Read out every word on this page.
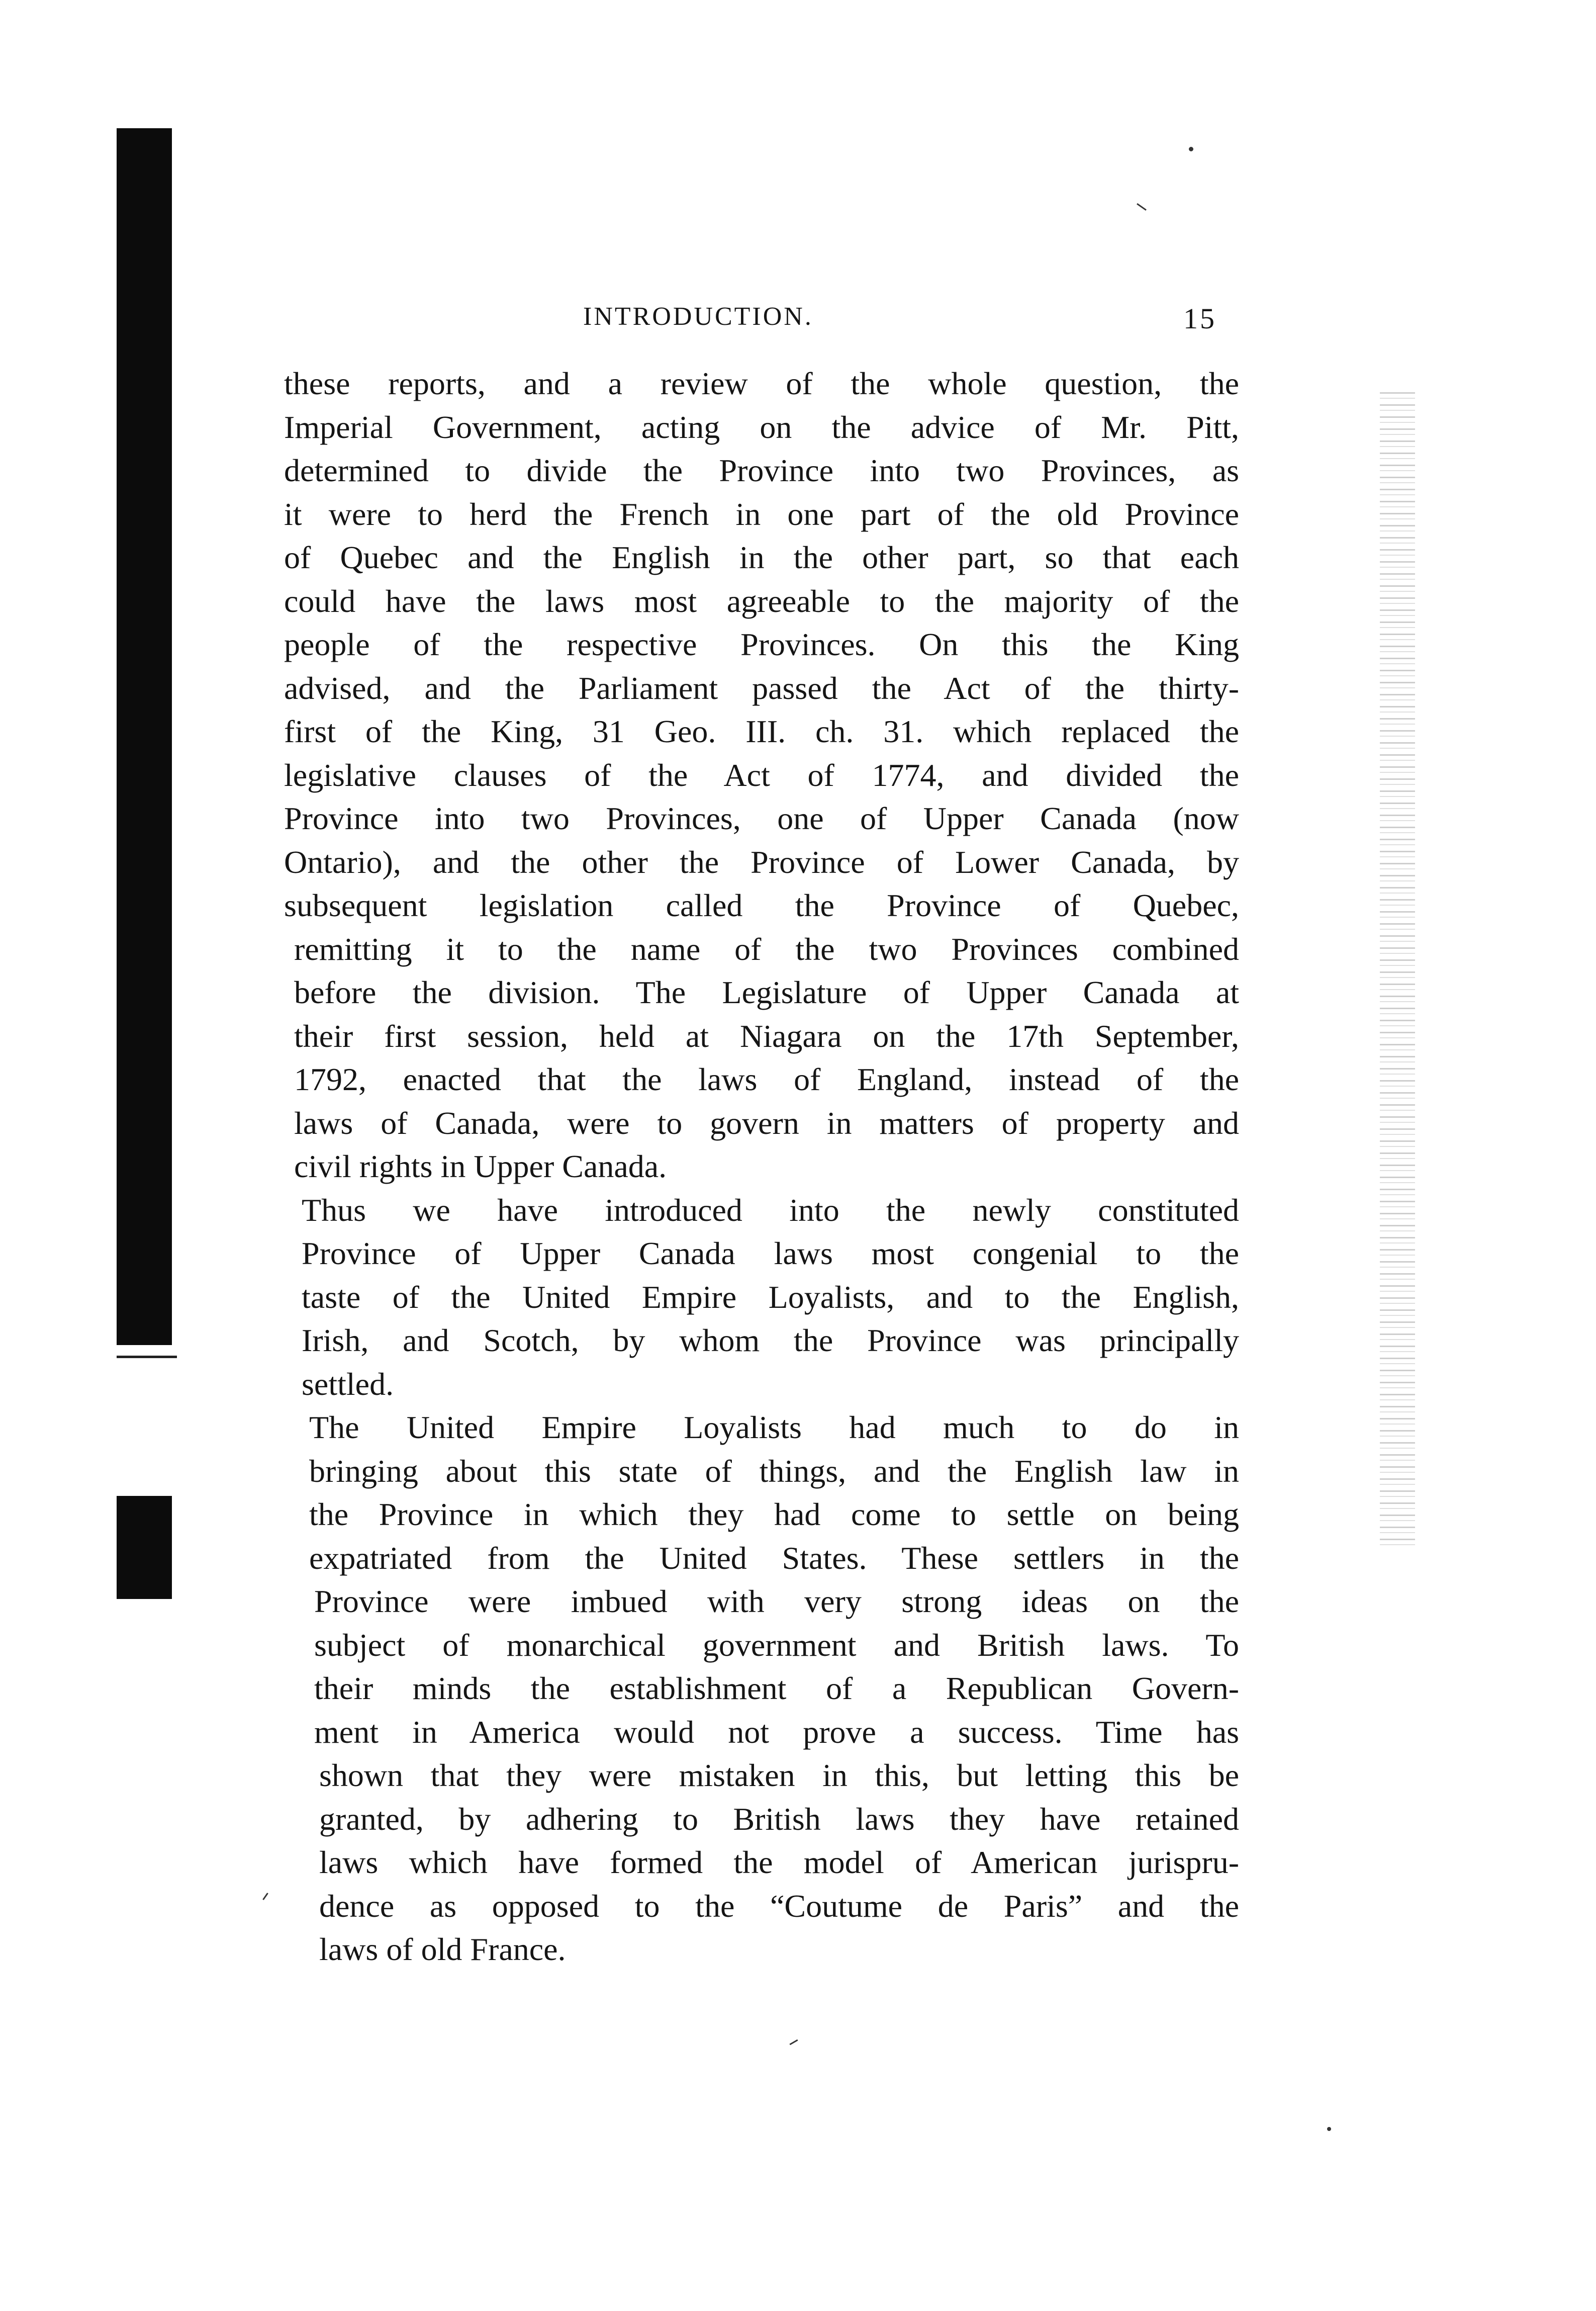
INTRODUCTION.	15
these reports, and a review of the whole question, the
Imperial Government, acting on the advice of Mr. Pitt,
determined to divide the Province into two Provinces, as
it were to herd the French in one part of the old Province
of Quebec and the English in the other part, so that each
could have the laws most agreeable to the majority of the
people of the respective Provinces. On this the King
advised, and the Parliament passed the Act of the thirty-
first of the King, 31 Geo. III. ch. 31. which replaced the
legislative clauses of the Act of 1774, and divided the
Province into two Provinces, one of Upper Canada (now
Ontario), and the other the Province of Lower Canada, by
subsequent legislation called the Province of Quebec,
remitting it to the name of the two Provinces combined
before the division. The Legislature of Upper Canada at
their first session, held at Niagara on the 17th September,
1792, enacted that the laws of England, instead of the
laws of Canada, were to govern in matters of property and
civil rights in Upper Canada.
Thus we have introduced into the newly constituted
Province of Upper Canada laws most congenial to the
taste of the United Empire Loyalists, and to the English,
Irish, and Scotch, by whom the Province was principally
settled.
The United Empire Loyalists had much to do in
bringing about this state of things, and the English law in
the Province in which they had come to settle on being
expatriated from the United States. These settlers in the
Province were imbued with very strong ideas on the
subject of monarchical government and British laws. To
their minds the establishment of a Republican Govern-
ment in America would not prove a success. Time has
shown that they were mistaken in this, but letting this be
granted, by adhering to British laws they have retained
laws which have formed the model of American jurispru-
dence as opposed to the “Coutume de Paris” and the
laws of old France.
